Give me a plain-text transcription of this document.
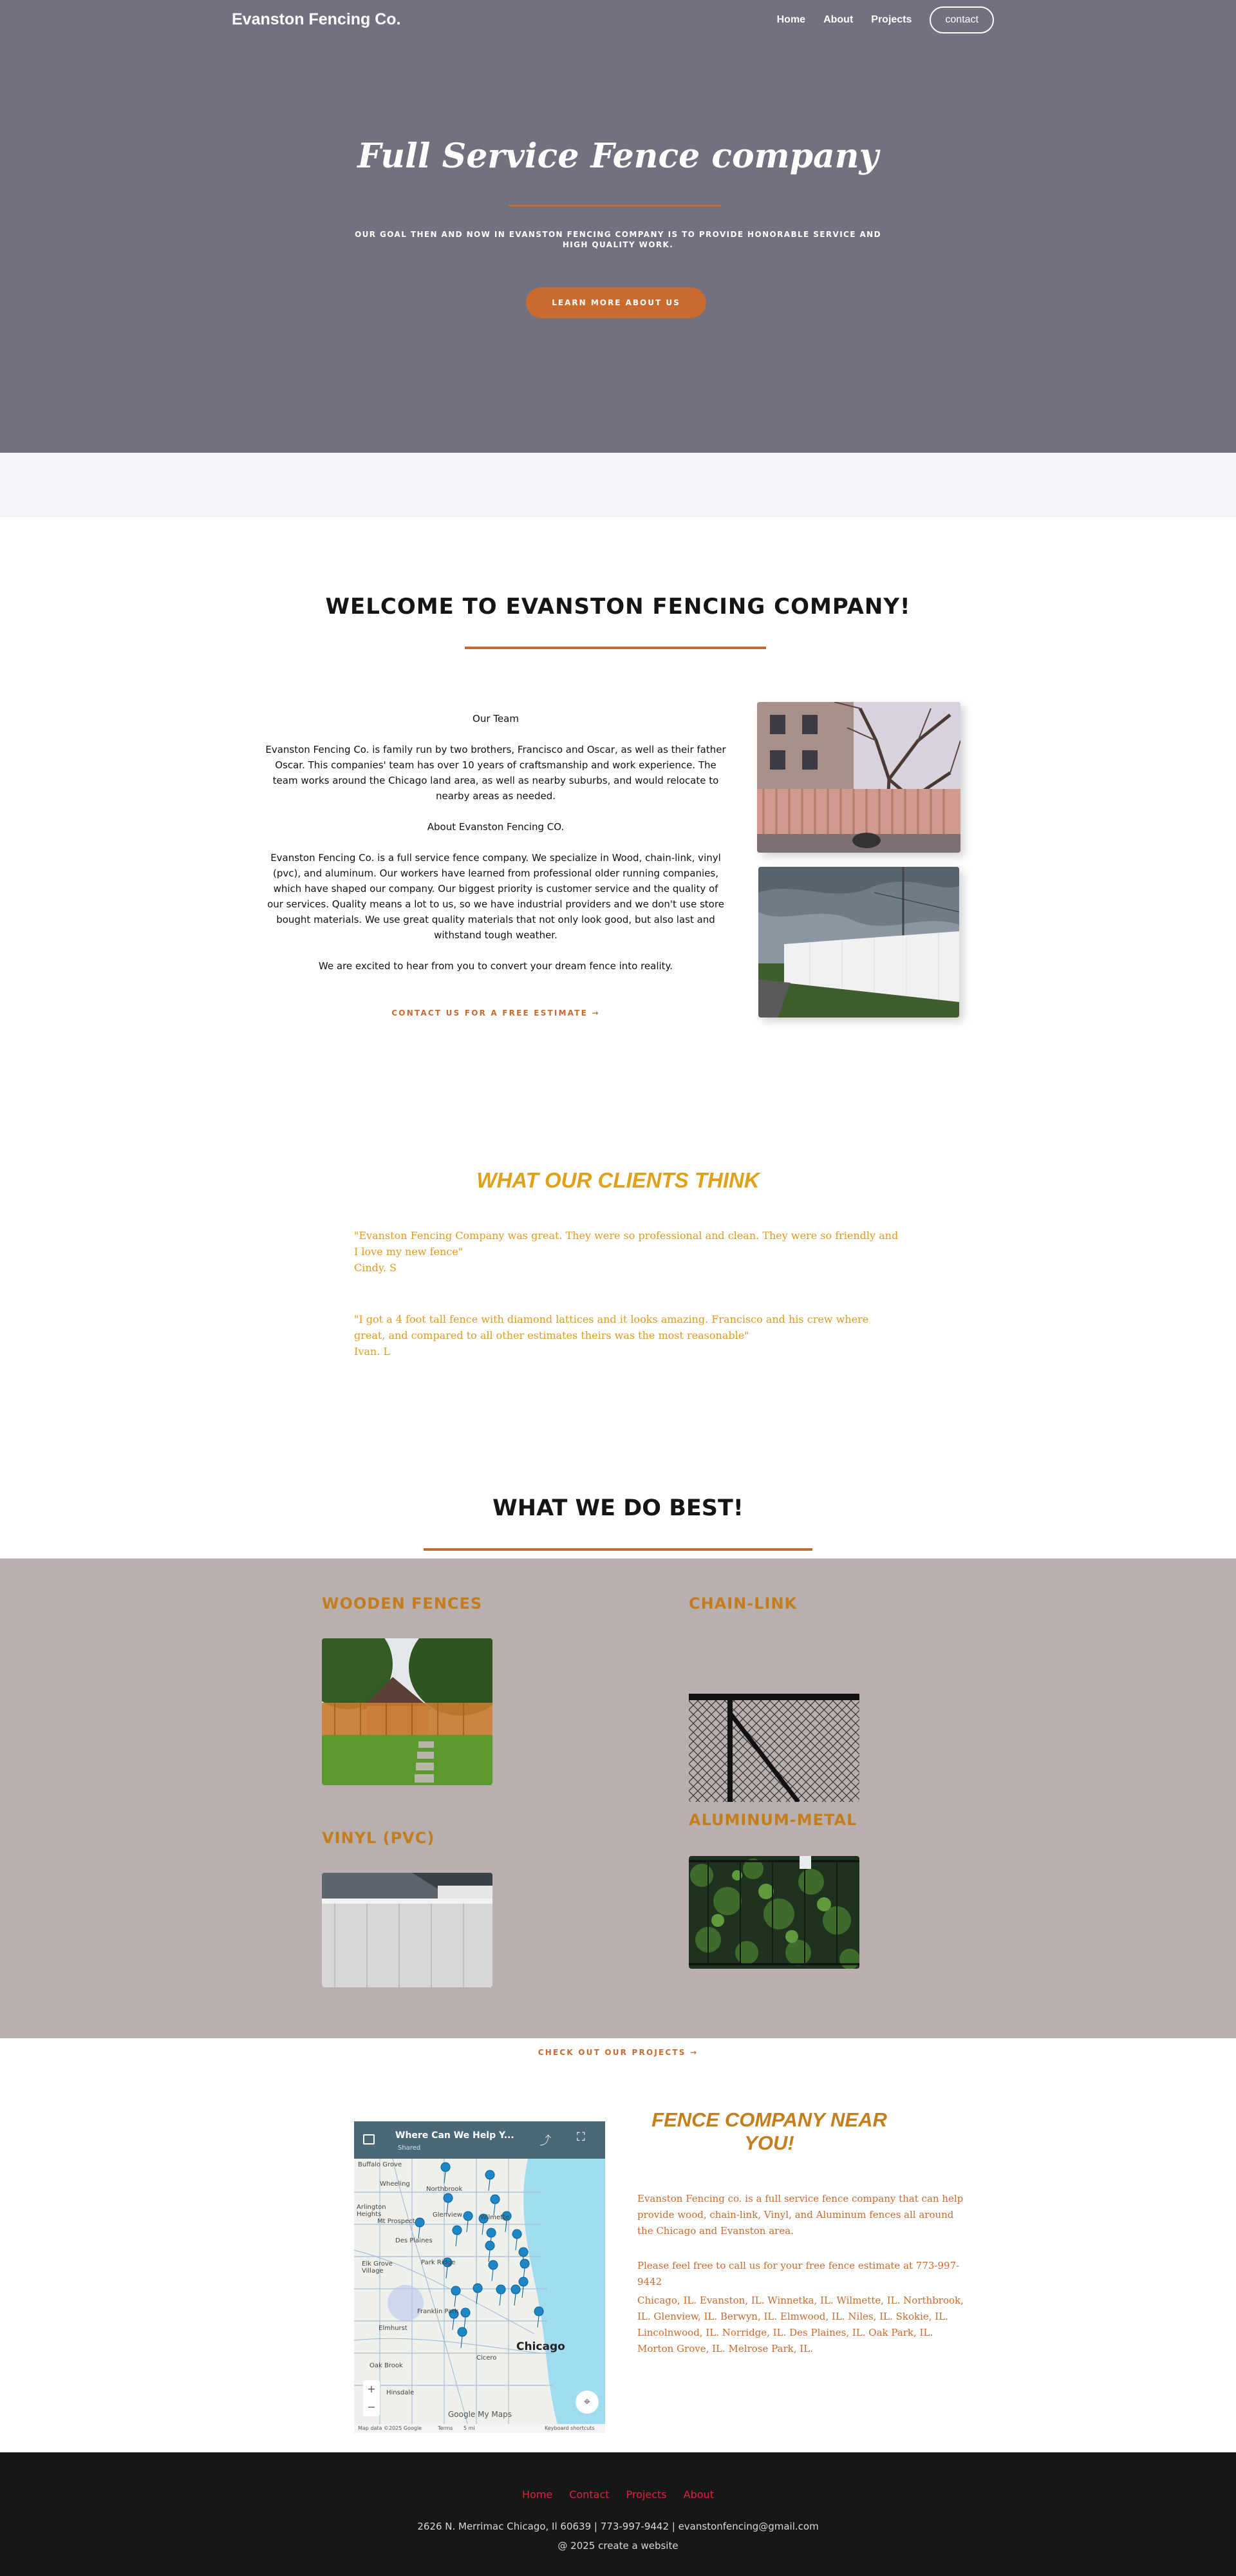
Full Service Fence company

OUR GOAL THEN AND NOW IN EVANSTON FENCING COMPANY IS TO PROVIDE HONORABLE SERVICE AND HIGH QUALITY WORK.

LEARN MORE ABOUT US
Evanston Fencing Co.	Home About Projects	contact
WELCOME TO EVANSTON FENCING COMPANY!

Our Team

Evanston Fencing Co. is family run by two brothers, Francisco and Oscar, as well as their father Oscar. This companies' team has over 10 years of craftsmanship and work experience. The team works around the Chicago land area, as well as nearby suburbs, and would relocate to nearby areas as needed.

About Evanston Fencing CO.

Evanston Fencing Co. is a full service fence company. We specialize in Wood, chain-link, vinyl (pvc), and aluminum. Our workers have learned from professional older running companies, which have shaped our company. Our biggest priority is customer service and the quality of our services. Quality means a lot to us, so we have industrial providers and we don't use store bought materials. We use great quality materials that not only look good, but also last and withstand tough weather.

We are excited to hear from you to convert your dream fence into reality.

CONTACT US FOR A FREE ESTIMATE →
WHAT OUR CLIENTS THINK
"Evanston Fencing Company was great. They were so professional and clean. They were so friendly and I love my new fence"
Cindy. S
"I got a 4 foot tall fence with diamond lattices and it looks amazing. Francisco and his crew where great, and compared to all other estimates theirs was the most reasonable"
Ivan. L
WHAT WE DO BEST!
WOODEN FENCES	CHAIN-LINK
VINYL (PVC)
ALUMINUM-METAL
CHECK OUT OUR PROJECTS →
Where Can We Help Y...
Shared
⤴ ⛶
Buffalo Grove
Wheeling
Northbrook
Glenview	Wilmette
Arlington Heights
Mt Prospect
Des Plaines
Park Ridge
Elk Grove Village
Franklin Park
Elmhurst
Cicero
Oak Brook
Hinsdale
Chicago
+
−	⌖
Google My Maps
Map data ©2025 Google	Terms 5 mi	Keyboard shortcuts
FENCE COMPANY NEAR YOU!

Evanston Fencing co. is a full service fence company that can help provide wood, chain-link, Vinyl, and Aluminum fences all around the Chicago and Evanston area.

Please feel free to call us for your free fence estimate at 773-997-9442

Chicago, IL. Evanston, IL. Winnetka, IL. Wilmette, IL. Northbrook, IL. Glenview, IL. Berwyn, IL. Elmwood, IL. Niles, IL. Skokie, IL. Lincolnwood, IL. Norridge, IL. Des Plaines, IL. Oak Park, IL. Morton Grove, IL. Melrose Park, IL.

Home Contact Projects About
2626 N. Merrimac Chicago, Il 60639 | 773-997-9442 | evanstonfencing@gmail.com
@ 2025 create a website
